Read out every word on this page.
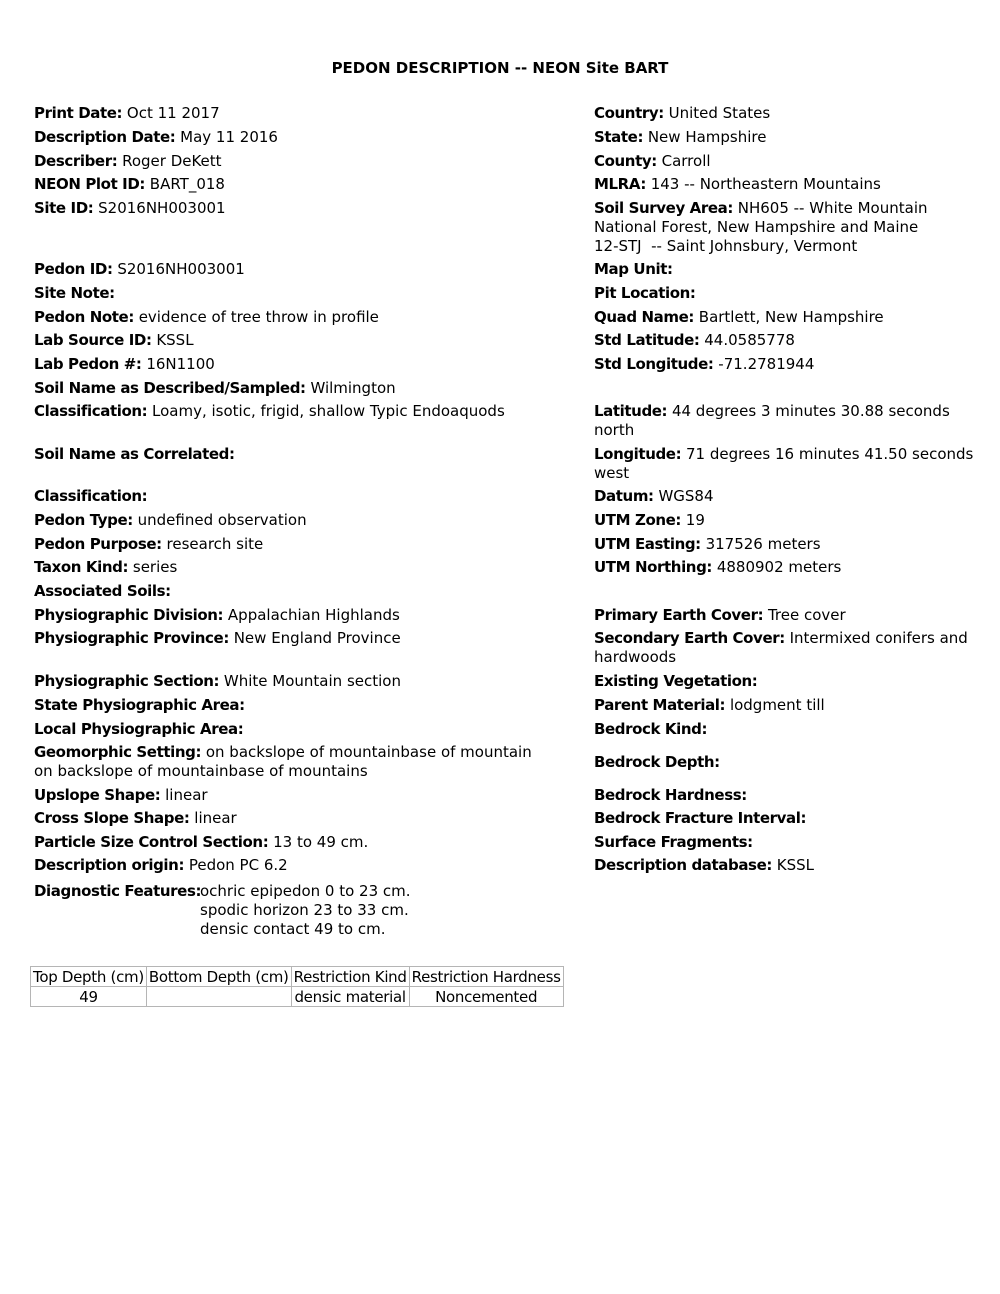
PEDON DESCRIPTION -- NEON Site BART
Print Date: Oct 11 2017
Description Date: May 11 2016
Describer: Roger DeKett
NEON Plot ID: BART_018
Site ID: S2016NH003001
Pedon ID: S2016NH003001
Site Note:
Pedon Note: evidence of tree throw in profile
Lab Source ID: KSSL
Lab Pedon #: 16N1100
Soil Name as Described/Sampled: Wilmington
Classification: Loamy, isotic, frigid, shallow Typic Endoaquods
Soil Name as Correlated:
Classification:
Pedon Type: undefined observation
Pedon Purpose: research site
Taxon Kind: series
Associated Soils:
Physiographic Division: Appalachian Highlands
Physiographic Province: New England Province
Physiographic Section: White Mountain section
State Physiographic Area:
Local Physiographic Area:
Geomorphic Setting: on backslope of mountainbase of mountain
on backslope of mountainbase of mountains
Upslope Shape: linear
Cross Slope Shape: linear
Particle Size Control Section: 13 to 49 cm.
Description origin: Pedon PC 6.2
Diagnostic Features:
ochric epipedon 0 to 23 cm.
spodic horizon 23 to 33 cm.
densic contact 49 to cm.
Country: United States
State: New Hampshire
County: Carroll
MLRA: 143 -- Northeastern Mountains
Soil Survey Area: NH605 -- White Mountain
National Forest, New Hampshire and Maine
12-STJ  -- Saint Johnsbury, Vermont
Map Unit:
Pit Location:
Quad Name: Bartlett, New Hampshire
Std Latitude: 44.0585778
Std Longitude: -71.2781944
Latitude: 44 degrees 3 minutes 30.88 seconds
north
Longitude: 71 degrees 16 minutes 41.50 seconds
west
Datum: WGS84
UTM Zone: 19
UTM Easting: 317526 meters
UTM Northing: 4880902 meters
Primary Earth Cover: Tree cover
Secondary Earth Cover: Intermixed conifers and
hardwoods
Existing Vegetation:
Parent Material: lodgment till
Bedrock Kind:
Bedrock Depth:
Bedrock Hardness:
Bedrock Fracture Interval:
Surface Fragments:
Description database: KSSL
Top Depth (cm)	Bottom Depth (cm)	Restriction Kind	Restriction Hardness
49		densic material	Noncemented
